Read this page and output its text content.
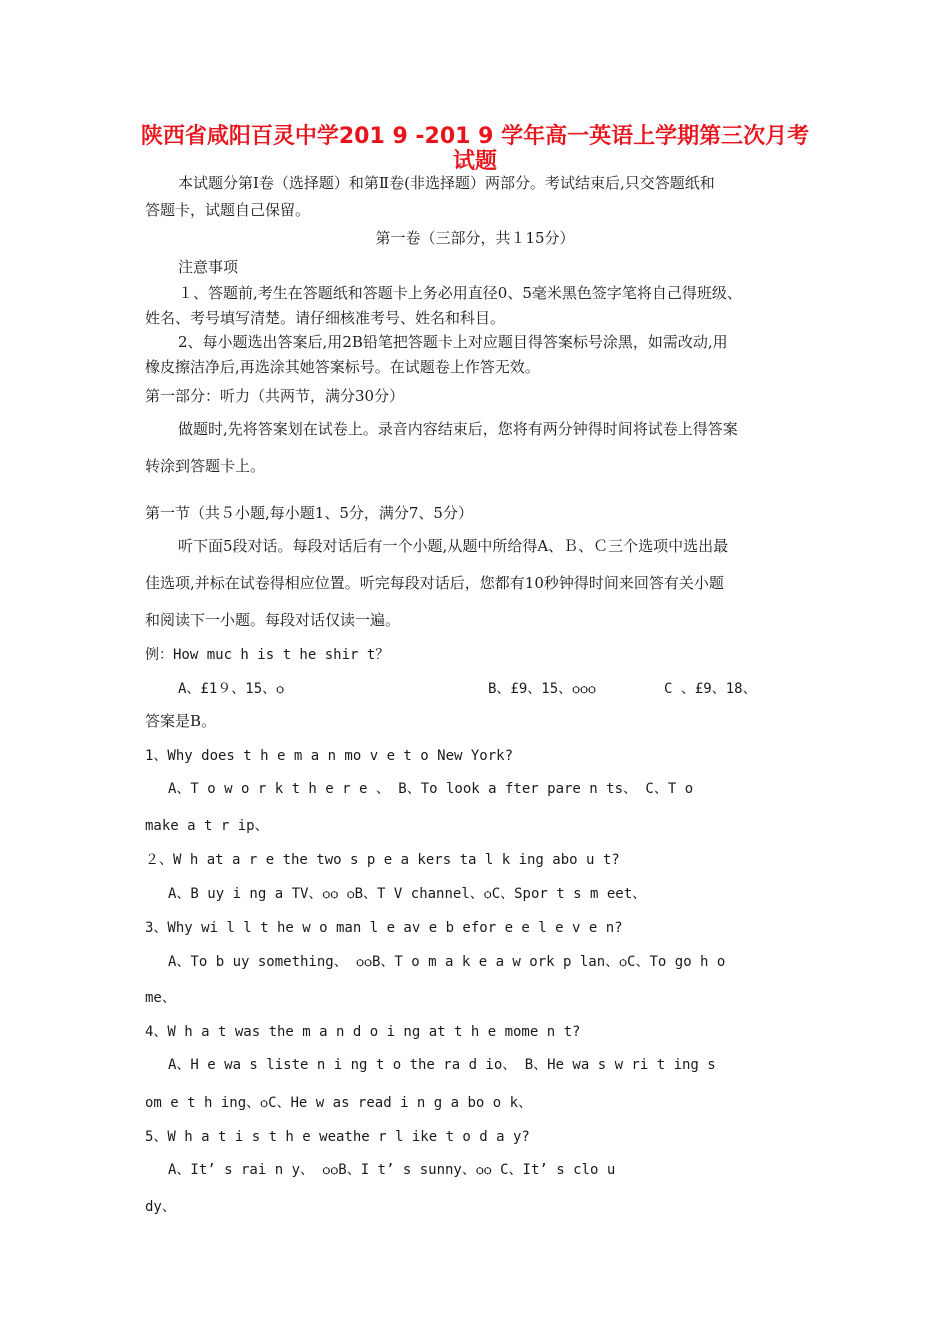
陕西省咸阳百灵中学201 9 -201 9 学年高一英语上学期第三次月考
试题
本试题分第Ⅰ卷（选择题）和第Ⅱ卷(非选择题）两部分。考试结束后,只交答题纸和
答题卡，试题自己保留。
第一卷（三部分，共１15分）
注意事项
１、答题前,考生在答题纸和答题卡上务必用直径0、5毫米黑色签字笔将自己得班级、
姓名、考号填写清楚。请仔细核准考号、姓名和科目。
2、每小题选出答案后,用2B铅笔把答题卡上对应题目得答案标号涂黑，如需改动,用
橡皮擦洁净后,再选涂其她答案标号。在试题卷上作答无效。
第一部分：听力（共两节，满分30分）
做题时,先将答案划在试卷上。录音内容结束后，您将有两分钟得时间将试卷上得答案
转涂到答题卡上。
第一节（共５小题,每小题1、5分，满分7、5分）
听下面5段对话。每段对话后有一个小题,从题中所给得A、Ｂ、Ｃ三个选项中选出最
佳选项,并标在试卷得相应位置。听完每段对话后，您都有10秒钟得时间来回答有关小题
和阅读下一小题。每段对话仅读一遍。
例：How muc h is t he shir t？
A、£1９、15、ѻ	B、£9、15、ѻѻѻ	C 、£9、18、
答案是B。
1、Why does t h e m a n mo v e t o New York?
A、T o w o r k t h e r e 、 B、To look a fter pare n ts、 C、T o
make a t r ip、
２、W h at a r e the two s p e a kers ta l k ing abo u t?
A、B uy i ng a TV、ѻѻ ѻB、T V channel、ѻC、Spor t s m eet、
3、Why wi l l t he w o man l e av e b efor e e l e v e n?
A、To b uy something、 ѻѻB、T o m a k e a w ork p lan、ѻC、To go h o
me、
4、W h a t was the m a n d o i ng at t h e mome n t?
A、H e wa s liste n i ng t o the ra d io、 B、He wa s w ri t ing s
om e t h ing、ѻC、He w as read i n g a bo o k、
5、W h a t i s t h e weathe r l ike t o d a y?
A、It’ s rai n y、 ѻѻB、I t’ s sunny、ѻѻ C、It’ s clo u
dy、
